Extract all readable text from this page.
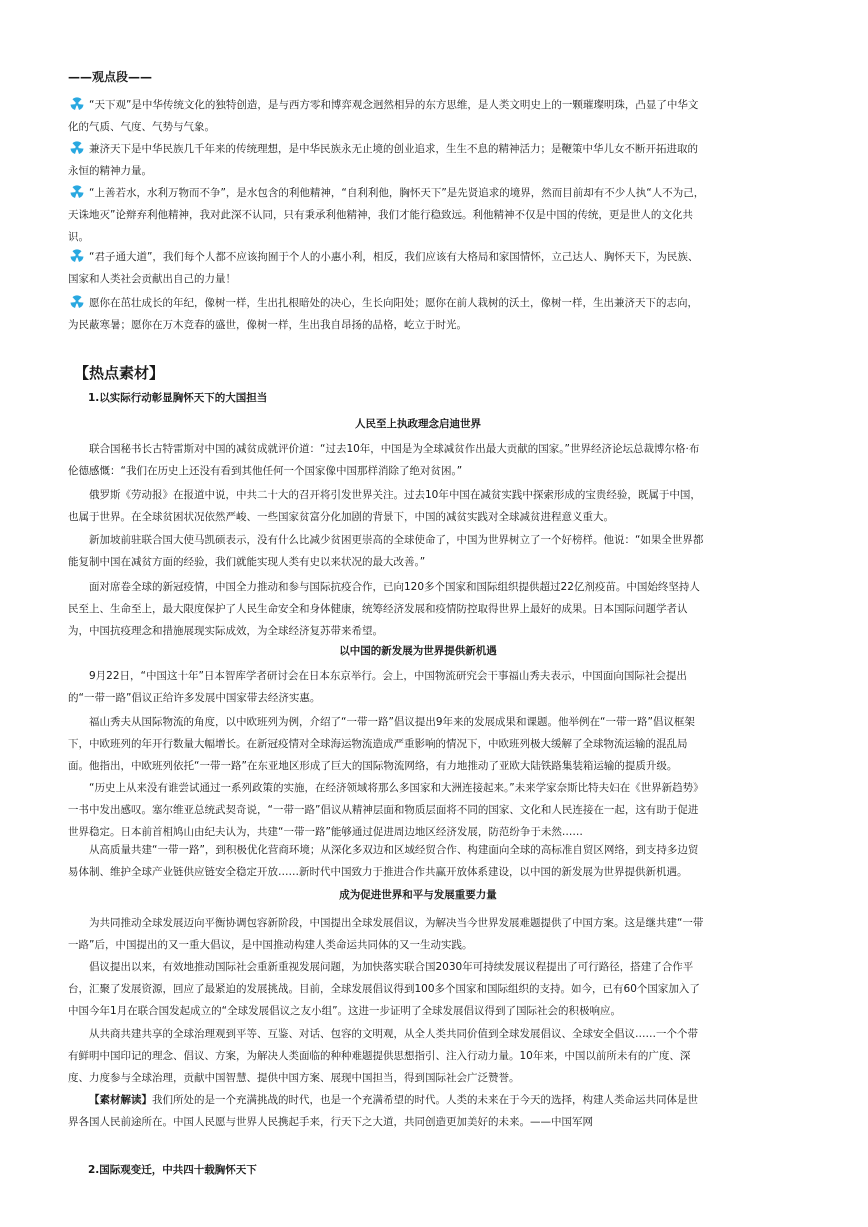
——观点段——
“天下观”是中华传统文化的独特创造，是与西方零和博弈观念迥然相异的东方思维，是人类文明史上的一颗璀璨明珠，凸显了中华文化的气质、气度、气势与气象。
兼济天下是中华民族几千年来的传统理想，是中华民族永无止境的创业追求，生生不息的精神活力；是鞭策中华儿女不断开拓进取的永恒的精神力量。
“上善若水，水利万物而不争”，是水包含的利他精神，“自利利他，胸怀天下”是先贤追求的境界，然而目前却有不少人执“人不为己，天诛地灭”论辩弃利他精神，我对此深不认同，只有秉承利他精神，我们才能行稳致远。利他精神不仅是中国的传统，更是世人的文化共识。
“君子通大道”，我们每个人都不应该拘囿于个人的小惠小利，相反，我们应该有大格局和家国情怀，立己达人、胸怀天下，为民族、国家和人类社会贡献出自己的力量！
愿你在茁壮成长的年纪，像树一样，生出扎根暗处的决心，生长向阳处；愿你在前人栽树的沃土，像树一样，生出兼济天下的志向，为民蔽寒暑；愿你在万木竞春的盛世，像树一样，生出我自昂扬的品格，屹立于时光。
【热点素材】
1.以实际行动彰显胸怀天下的大国担当
人民至上执政理念启迪世界
联合国秘书长古特雷斯对中国的减贫成就评价道：“过去10年，中国是为全球减贫作出最大贡献的国家。”世界经济论坛总裁博尔格·布伦德感慨：“我们在历史上还没有看到其他任何一个国家像中国那样消除了绝对贫困。”
俄罗斯《劳动报》在报道中说，中共二十大的召开将引发世界关注。过去10年中国在减贫实践中探索形成的宝贵经验，既属于中国，也属于世界。在全球贫困状况依然严峻、一些国家贫富分化加剧的背景下，中国的减贫实践对全球减贫进程意义重大。
新加坡前驻联合国大使马凯硕表示，没有什么比减少贫困更崇高的全球使命了，中国为世界树立了一个好榜样。他说：“如果全世界都能复制中国在减贫方面的经验，我们就能实现人类有史以来状况的最大改善。”
面对席卷全球的新冠疫情，中国全力推动和参与国际抗疫合作，已向120多个国家和国际组织提供超过22亿剂疫苗。中国始终坚持人民至上、生命至上，最大限度保护了人民生命安全和身体健康，统筹经济发展和疫情防控取得世界上最好的成果。日本国际问题学者认为，中国抗疫理念和措施展现实际成效，为全球经济复苏带来希望。
以中国的新发展为世界提供新机遇
9月22日，“中国这十年”日本智库学者研讨会在日本东京举行。会上，中国物流研究会干事福山秀夫表示，中国面向国际社会提出的“一带一路”倡议正给许多发展中国家带去经济实惠。
福山秀夫从国际物流的角度，以中欧班列为例，介绍了“一带一路”倡议提出9年来的发展成果和课题。他举例在“一带一路”倡议框架下，中欧班列的年开行数量大幅增长。在新冠疫情对全球海运物流造成严重影响的情况下，中欧班列极大缓解了全球物流运输的混乱局面。他指出，中欧班列依托“一带一路”在东亚地区形成了巨大的国际物流网络，有力地推动了亚欧大陆铁路集装箱运输的提质升级。
“历史上从来没有谁尝试通过一系列政策的实施，在经济领域将那么多国家和大洲连接起来。”未来学家奈斯比特夫妇在《世界新趋势》一书中发出感叹。塞尔维亚总统武契奇说，“一带一路”倡议从精神层面和物质层面将不同的国家、文化和人民连接在一起，这有助于促进世界稳定。日本前首相鸠山由纪夫认为，共建“一带一路”能够通过促进周边地区经济发展，防范纷争于未然……
从高质量共建“一带一路”，到积极优化营商环境；从深化多双边和区域经贸合作、构建面向全球的高标准自贸区网络，到支持多边贸易体制、维护全球产业链供应链安全稳定开放……新时代中国致力于推进合作共赢开放体系建设，以中国的新发展为世界提供新机遇。
成为促进世界和平与发展重要力量
为共同推动全球发展迈向平衡协调包容新阶段，中国提出全球发展倡议，为解决当今世界发展难题提供了中国方案。这是继共建“一带一路”后，中国提出的又一重大倡议，是中国推动构建人类命运共同体的又一生动实践。
倡议提出以来，有效地推动国际社会重新重视发展问题，为加快落实联合国2030年可持续发展议程提出了可行路径，搭建了合作平台，汇聚了发展资源，回应了最紧迫的发展挑战。目前，全球发展倡议得到100多个国家和国际组织的支持。如今，已有60个国家加入了中国今年1月在联合国发起成立的“全球发展倡议之友小组”。这进一步证明了全球发展倡议得到了国际社会的积极响应。
从共商共建共享的全球治理观到平等、互鉴、对话、包容的文明观，从全人类共同价值到全球发展倡议、全球安全倡议……一个个带有鲜明中国印记的理念、倡议、方案，为解决人类面临的种种难题提供思想指引、注入行动力量。10年来，中国以前所未有的广度、深度、力度参与全球治理，贡献中国智慧、提供中国方案、展现中国担当，得到国际社会广泛赞誉。
【素材解读】我们所处的是一个充满挑战的时代，也是一个充满希望的时代。人类的未来在于今天的选择，构建人类命运共同体是世界各国人民前途所在。中国人民愿与世界人民携起手来，行天下之大道，共同创造更加美好的未来。——中国军网
2.国际观变迁，中共四十载胸怀天下
